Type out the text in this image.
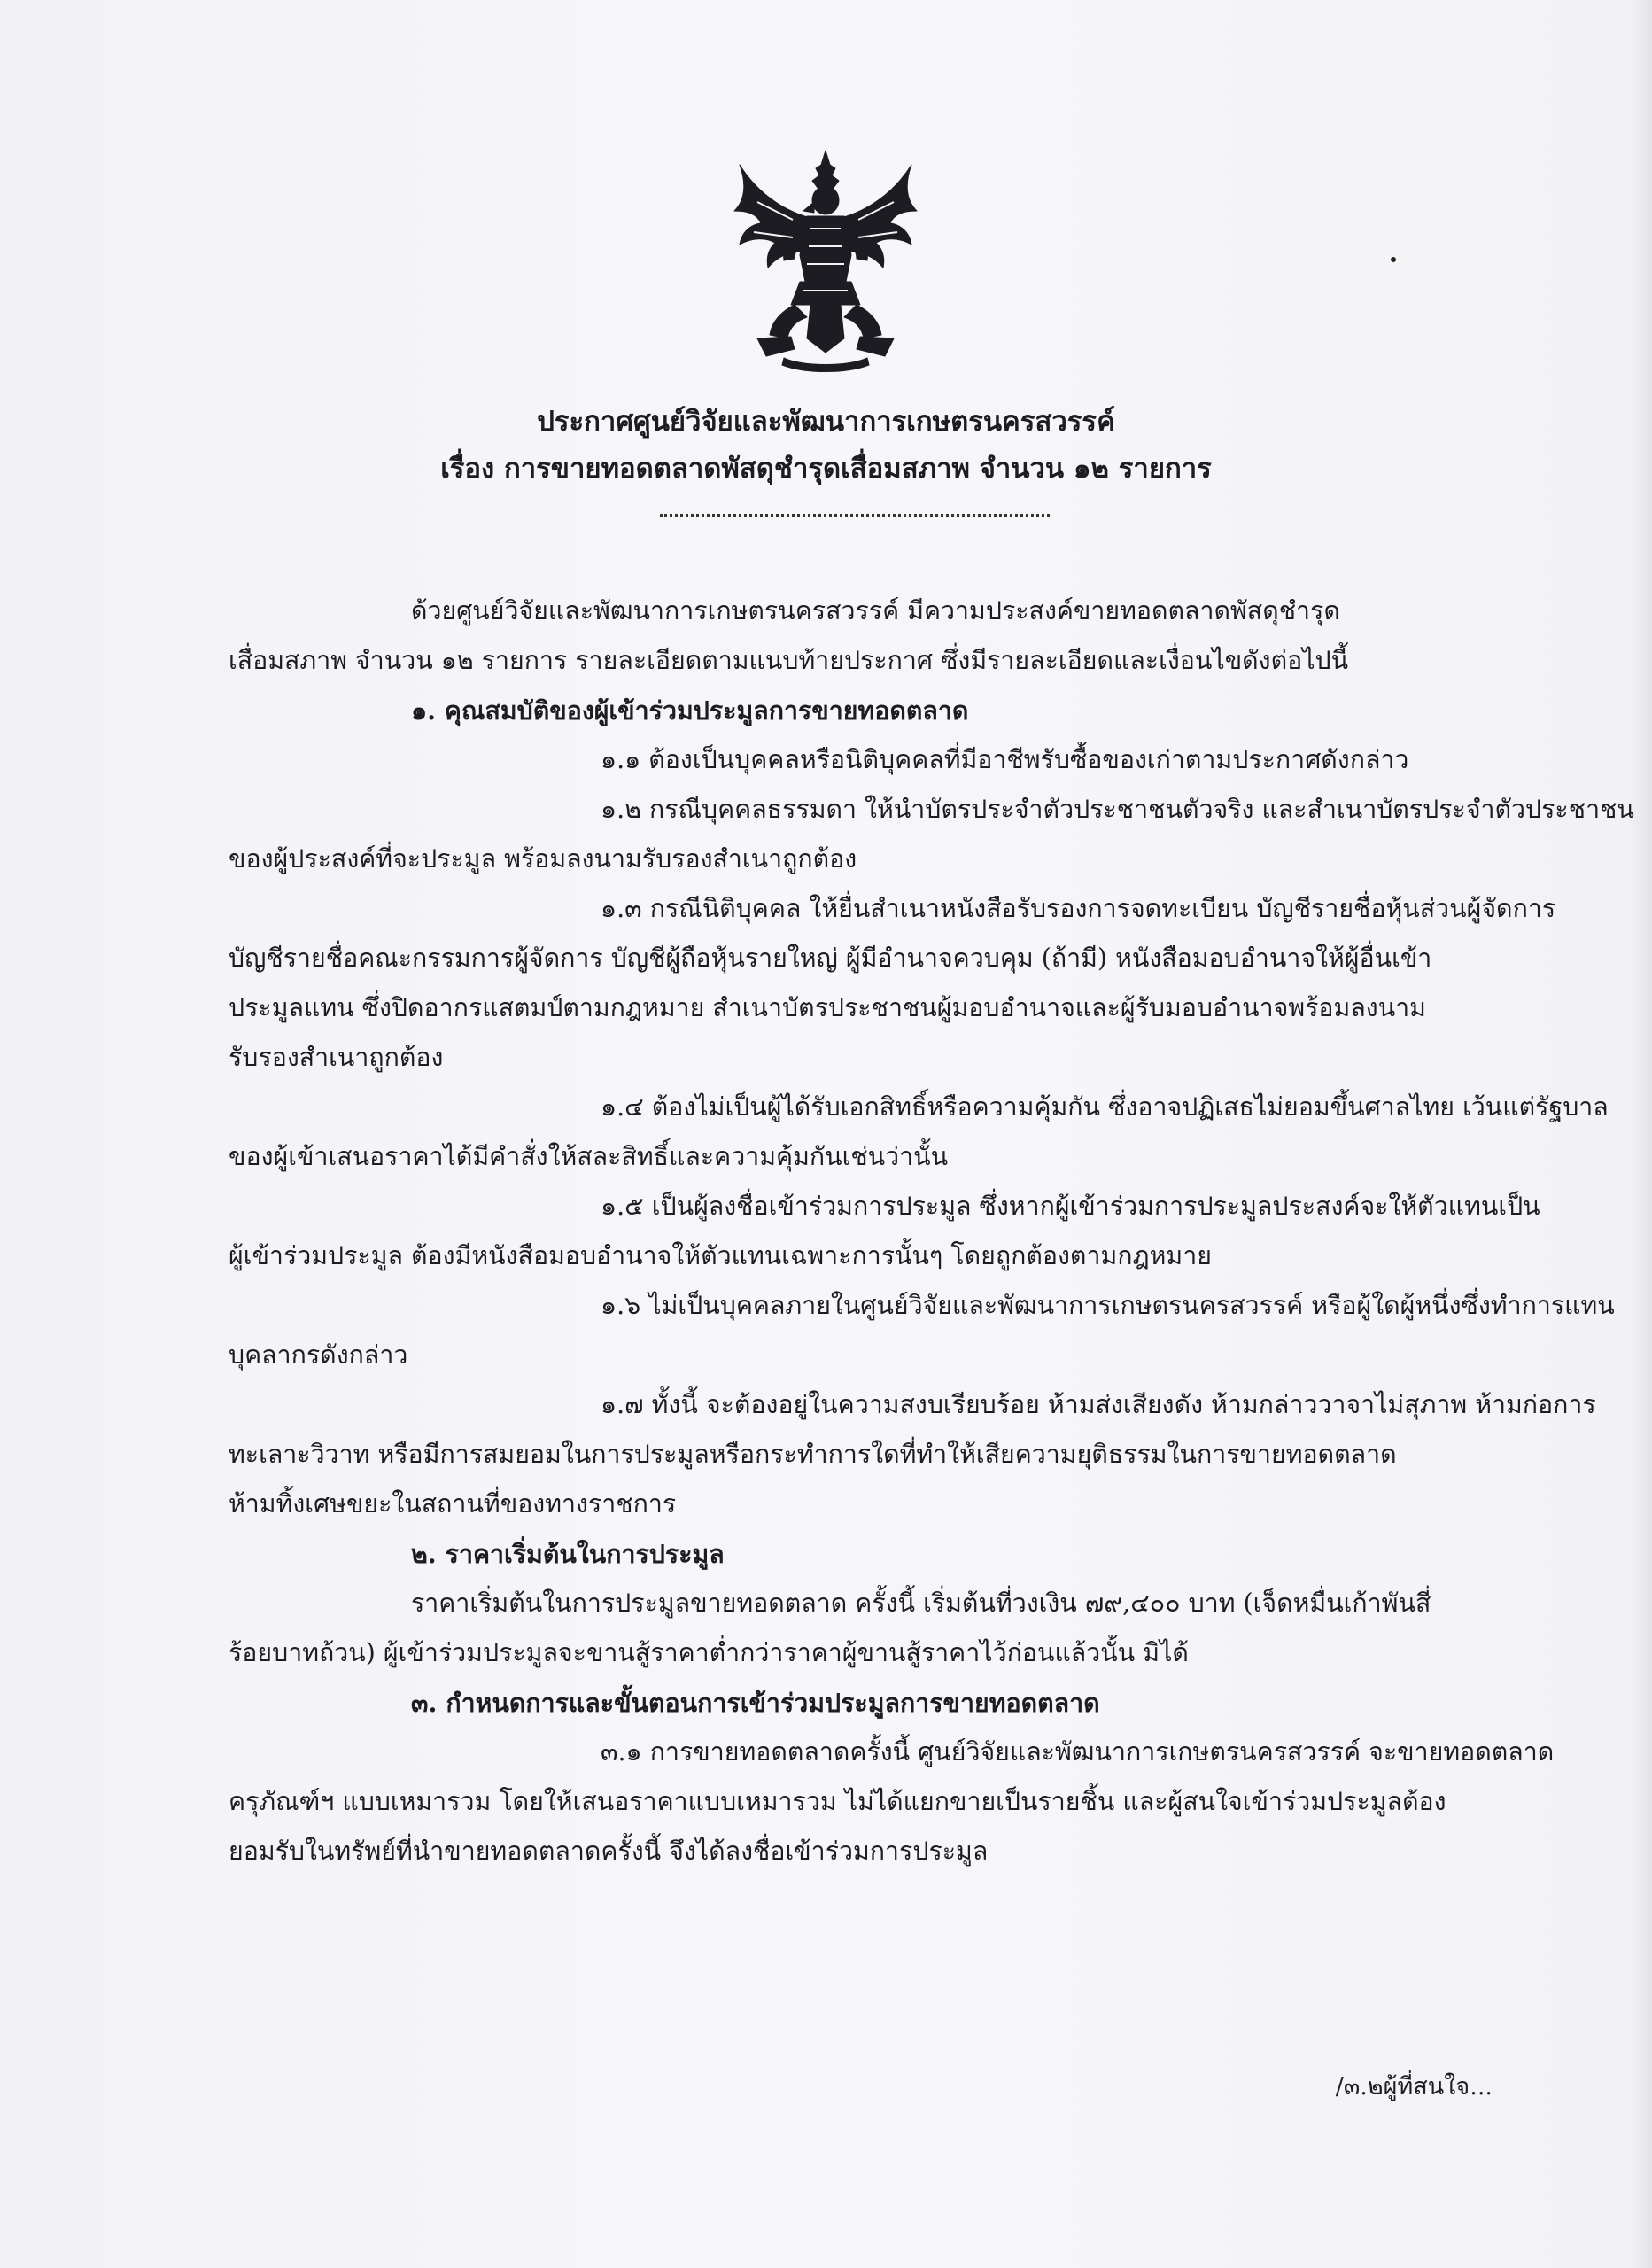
ประกาศศูนย์วิจัยและพัฒนาการเกษตรนครสวรรค์
เรื่อง การขายทอดตลาดพัสดุชำรุดเสื่อมสภาพ จำนวน ๑๒ รายการ

ด้วยศูนย์วิจัยและพัฒนาการเกษตรนครสวรรค์ มีความประสงค์ขายทอดตลาดพัสดุชำรุด

เสื่อมสภาพ จำนวน ๑๒ รายการ รายละเอียดตามแนบท้ายประกาศ ซึ่งมีรายละเอียดและเงื่อนไขดังต่อไปนี้

๑. คุณสมบัติของผู้เข้าร่วมประมูลการขายทอดตลาด

๑.๑ ต้องเป็นบุคคลหรือนิติบุคคลที่มีอาชีพรับซื้อของเก่าตามประกาศดังกล่าว

๑.๒ กรณีบุคคลธรรมดา ให้นำบัตรประจำตัวประชาชนตัวจริง และสำเนาบัตรประจำตัวประชาชน

ของผู้ประสงค์ที่จะประมูล พร้อมลงนามรับรองสำเนาถูกต้อง

๑.๓ กรณีนิติบุคคล ให้ยื่นสำเนาหนังสือรับรองการจดทะเบียน บัญชีรายชื่อหุ้นส่วนผู้จัดการ

บัญชีรายชื่อคณะกรรมการผู้จัดการ บัญชีผู้ถือหุ้นรายใหญ่ ผู้มีอำนาจควบคุม (ถ้ามี) หนังสือมอบอำนาจให้ผู้อื่นเข้า

ประมูลแทน ซึ่งปิดอากรแสตมป์ตามกฎหมาย สำเนาบัตรประชาชนผู้มอบอำนาจและผู้รับมอบอำนาจพร้อมลงนาม

รับรองสำเนาถูกต้อง

๑.๔ ต้องไม่เป็นผู้ได้รับเอกสิทธิ์หรือความคุ้มกัน ซึ่งอาจปฏิเสธไม่ยอมขึ้นศาลไทย เว้นแต่รัฐบาล

ของผู้เข้าเสนอราคาได้มีคำสั่งให้สละสิทธิ์และความคุ้มกันเช่นว่านั้น

๑.๕ เป็นผู้ลงชื่อเข้าร่วมการประมูล ซึ่งหากผู้เข้าร่วมการประมูลประสงค์จะให้ตัวแทนเป็น

ผู้เข้าร่วมประมูล ต้องมีหนังสือมอบอำนาจให้ตัวแทนเฉพาะการนั้นๆ โดยถูกต้องตามกฎหมาย

๑.๖ ไม่เป็นบุคคลภายในศูนย์วิจัยและพัฒนาการเกษตรนครสวรรค์ หรือผู้ใดผู้หนึ่งซึ่งทำการแทน

บุคลากรดังกล่าว

๑.๗ ทั้งนี้ จะต้องอยู่ในความสงบเรียบร้อย ห้ามส่งเสียงดัง ห้ามกล่าววาจาไม่สุภาพ ห้ามก่อการ

ทะเลาะวิวาท หรือมีการสมยอมในการประมูลหรือกระทำการใดที่ทำให้เสียความยุติธรรมในการขายทอดตลาด

ห้ามทิ้งเศษขยะในสถานที่ของทางราชการ

๒. ราคาเริ่มต้นในการประมูล

ราคาเริ่มต้นในการประมูลขายทอดตลาด ครั้งนี้ เริ่มต้นที่วงเงิน ๗๙,๔๐๐ บาท (เจ็ดหมื่นเก้าพันสี่

ร้อยบาทถ้วน) ผู้เข้าร่วมประมูลจะขานสู้ราคาต่ำกว่าราคาผู้ขานสู้ราคาไว้ก่อนแล้วนั้น มิได้

๓. กำหนดการและขั้นตอนการเข้าร่วมประมูลการขายทอดตลาด

๓.๑ การขายทอดตลาดครั้งนี้ ศูนย์วิจัยและพัฒนาการเกษตรนครสวรรค์ จะขายทอดตลาด

ครุภัณฑ์ฯ แบบเหมารวม โดยให้เสนอราคาแบบเหมารวม ไม่ได้แยกขายเป็นรายชิ้น และผู้สนใจเข้าร่วมประมูลต้อง

ยอมรับในทรัพย์ที่นำขายทอดตลาดครั้งนี้ จึงได้ลงชื่อเข้าร่วมการประมูล

/๓.๒ผู้ที่สนใจ...
